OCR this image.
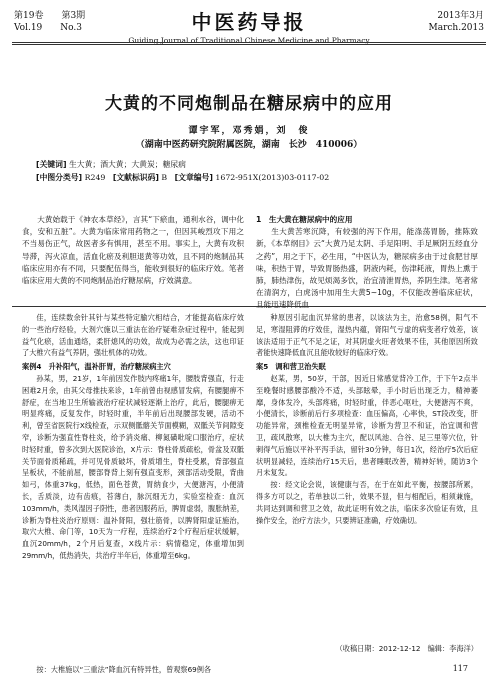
第19卷 第3期
Vol.19 No.3	中医药导报
Guiding Journal of Traditional Chinese Medicine and Pharmacy
2013年3月
March.2013
大黄的不同炮制品在糖尿病中的应用
谭宇军，邓秀娟，刘　俊
（湖南中医药研究院附属医院，湖南　长沙　410006）
[关键词] 生大黄；酒大黄；大黄炭；糖尿病
[中图分类号] R249 [文献标识码] B [文章编号] 1672-951X(2013)03-0117-02

大黄始载于《神农本草经》，言其“下瘀血，通利水谷，调中化食，安和五脏”。大黄为临床常用药物之一，但因其峻烈攻下用之不当易伤正气，故医者多有惧用，甚至不用。事实上，大黄有攻积导滞，泻火凉血，活血化瘀及利胆退黄等功效，且不同的炮制品其临床应用亦有不同，只要配伍得当，能收到很好的临床疗效。笔者临床应用大黄的不同炮制品治疗糖尿病，疗效满意。

1　生大黄在糖尿病中的应用

生大黄苦寒沉降，有较强的泻下作用，能涤荡胃肠，推陈致新，《本草纲目》云“大黄乃足太阴、手足阳明、手足厥阴五经血分之药”，用之于下，必生用，“中医认为，糖尿病多由于过食肥甘厚味，积热于胃，导致胃肠热盛，阴液内耗，伤津耗液，胃热上熏于肺，肺热津伤，故见烦渴多饮，治宜清泄胃热，养阴生津。笔者常在清润方，白虎汤中加用生大黄5~10g，不仅能改善临床症状，且能迅速降低血

佳，连续数余针其针与某些特定腧穴相结合，才能提高临床疗效的一些治疗经验，大剂穴施以三重法在治疗疑难杂症过程中，能起到益气化瘀，活血通络，柔肝熄风的功效，故成为必需之法，这也印证了大椎穴有益气养阴，强壮机体的功效。

案例4　升补阳气，温补肝胃，治疗糖尿病主穴

孙某，男，21岁，1年前因发作肢内疼痛1年，腰肢背强直，行走困难2月余，由其父母推扶来诊，1年前曾由视感冒发病，有腰腿痹不舒症，在当地卫生所输液治疗症状减轻逐渐上治疗，此后，腰腿痹无明显疼痛，反复发作，时轻时重，半年前后出现腰部发硬，活动不利，曾至省医院行X线检查，示双侧骶髂关节面模糊，双骶关节间隙变窄，诊断为强直性脊柱炎，给予消炎痛、柳氮磺吡啶口服治疗，症状时轻时重，曾多次到大医院诊治，X片示：脊柱骨质疏松，骨盆及双骶关节面骨质稀疏，并可见骨质破坏，骨质增生，脊柱受累，背部强直呈板状，不能前屈，腰部脊背上刻有强直变形，颈部活动受限，背曲如弓，体重37kg，低热，面色苍黄，胃纳食少，大便溏泻，小便清长，舌质淡，边有齿痕，苔薄白，脉沉细无力，实验室检查：血沉103mm/h，类风湿因子阴性，患者因服药后，脾胃虚弱，腹胀纳差，诊断为脊柱炎治疗原则：温补肾阳，强壮筋骨，以脾肾阳虚证施治，取穴大椎、命门等，10天为一疗程，连续治疗2个疗程后症状缓解，血沉20mm/h，2个月后复查，X线片示：病情稳定，体重增加到29mm/h，低热消失，共治疗半年后，体重增至6kg。

按：大椎施以“三重法”降血沉有特异性，曾观察69例各

种原因引起血沉异常的患者，以该法为主，治愈58例，阳气不足，寒湿阻滞的疗效佳，湿热内蕴，肾阳气亏虚的病变者疗效差，该该法适用于正气不足之证，对其阴虚火旺者效果不佳，其他原因所致者能快速降低血沉且能收较好的临床疗效。

案5　调和营卫治失眠

赵某，男，50岁，干部，因近日常感觉背冷工作，于下午2点半至晚餐时感腰部酸冷不适，头部眩晕，手小时后出现乏力，精神萎靡，身体发冷，头部疼痛，时轻时重，伴恶心呕吐，大便溏泻不爽，小便清长，诊断前后行多项检查：血压偏高，心率快，ST段改变，肝功能异常，颈椎检查无明显异常，诊断为营卫不和证，治宜调和营卫，疏风散寒，以大椎为主穴，配以风池、合谷、足三里等穴位，针刺得气后施以平补平泻手法，留针30分钟，每日1次，经治疗5次后症状明显减轻，连续治疗15天后，患者睡眠改善，精神好转，随访3个月未复发。

按：经文论会说，该健康与否，在于在如此平衡，按腰部所累，得多方可以之，若单独以二针，效果不显，但与相配后，相须兼施，共同达到调和营卫之效，故此证明有效之法，临床多次验证有效，且操作安全，治疗方法少，只要辨证准确，疗效确切。

（收稿日期：2012-12-12　编辑：李海洋）
117
